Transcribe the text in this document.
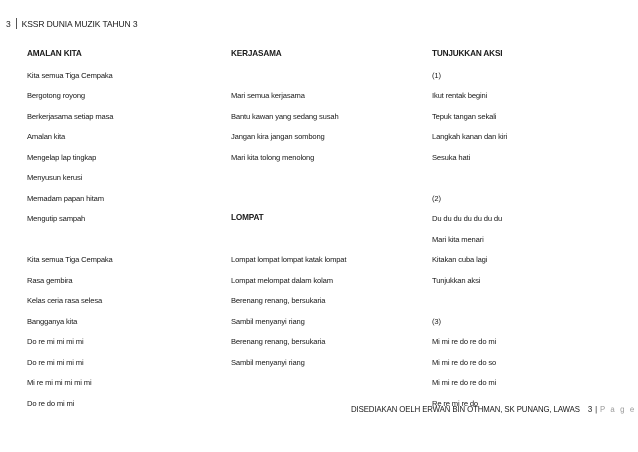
3	KSSR DUNIA MUZIK TAHUN 3
AMALAN KITA
Kita semua Tiga Cempaka
Bergotong royong
Berkerjasama setiap masa
Amalan kita
Mengelap lap tingkap
Menyusun kerusi
Memadam papan hitam
Mengutip sampah
Kita semua Tiga Cempaka
Rasa gembira
Kelas ceria rasa selesa
Bangganya kita
Do re mi mi mi mi
Do re mi mi mi mi
Mi re mi mi mi mi mi
Do re do mi mi
KERJASAMA
Mari semua kerjasama
Bantu kawan yang sedang susah
Jangan kira jangan sombong
Mari kita tolong menolong
LOMPAT
Lompat lompat lompat katak lompat
Lompat melompat dalam kolam
Berenang renang, bersukaria
Sambil menyanyi riang
Berenang renang, bersukaria
Sambil menyanyi riang
TUNJUKKAN AKSI
(1)
Ikut rentak begini
Tepuk tangan sekali
Langkah kanan dan kiri
Sesuka hati
(2)
Du du du du du du du
Mari kita menari
Kitakan cuba lagi
Tunjukkan aksi
(3)
Mi mi re do re do mi
Mi mi re do re do so
Mi mi re do re do mi
Re re mi re do
DISEDIAKAN OELH ERWAN BIN OTHMAN, SK PUNANG, LAWAS 3 | P a g e
